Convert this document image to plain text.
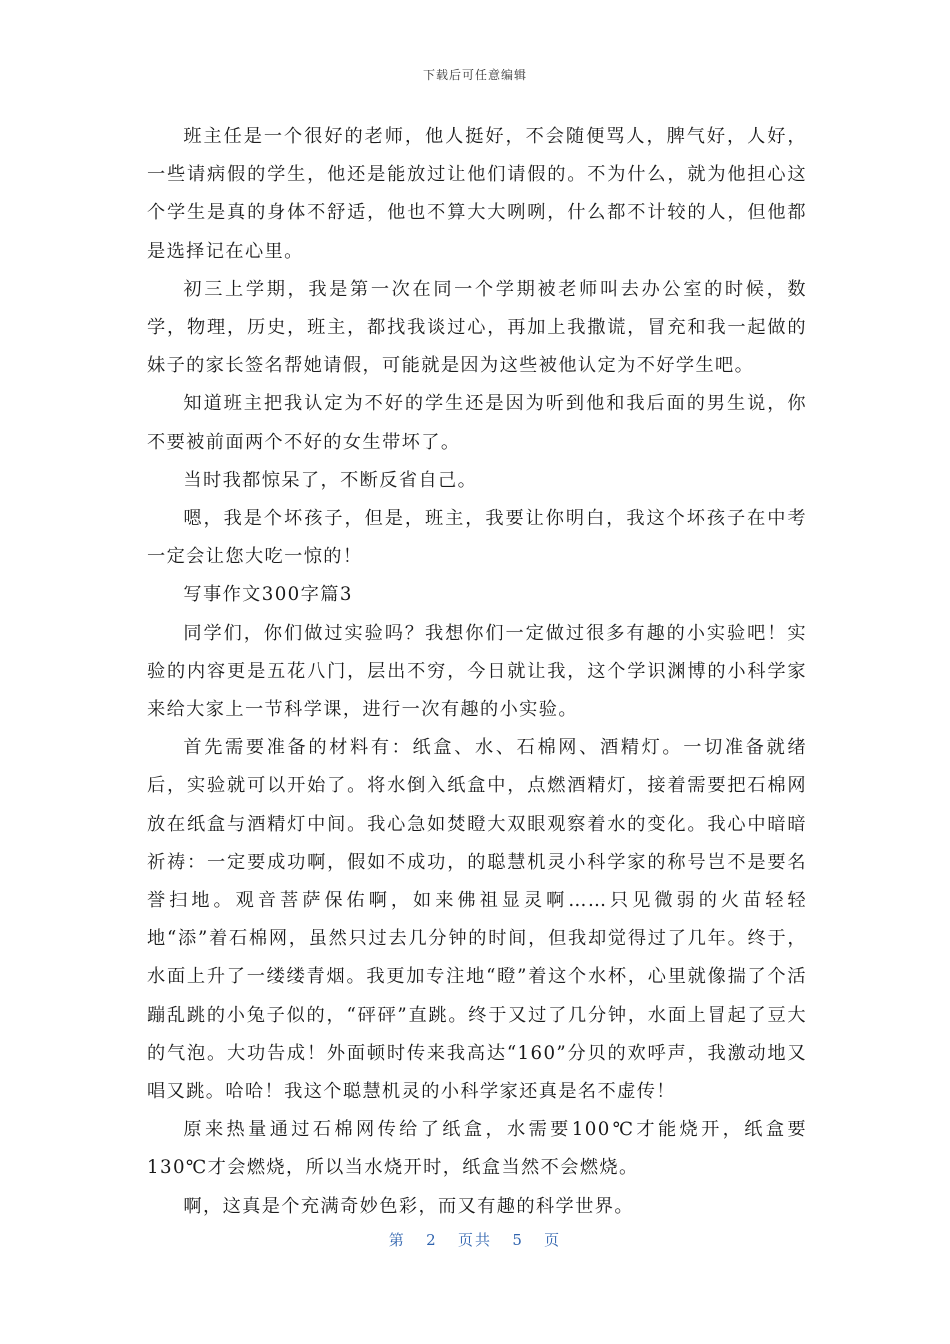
下载后可任意编辑

班主任是一个很好的老师，他人挺好，不会随便骂人，脾气好，人好，一些请病假的学生，他还是能放过让他们请假的。不为什么，就为他担心这个学生是真的身体不舒适，他也不算大大咧咧，什么都不计较的人，但他都是选择记在心里。

初三上学期，我是第一次在同一个学期被老师叫去办公室的时候，数学，物理，历史，班主，都找我谈过心，再加上我撒谎，冒充和我一起做的妹子的家长签名帮她请假，可能就是因为这些被他认定为不好学生吧。

知道班主把我认定为不好的学生还是因为听到他和我后面的男生说，你不要被前面两个不好的女生带坏了。

当时我都惊呆了，不断反省自己。

嗯，我是个坏孩子，但是，班主，我要让你明白，我这个坏孩子在中考一定会让您大吃一惊的！

写事作文300字篇3

同学们，你们做过实验吗？我想你们一定做过很多有趣的小实验吧！实验的内容更是五花八门，层出不穷，今日就让我，这个学识渊博的小科学家来给大家上一节科学课，进行一次有趣的小实验。

首先需要准备的材料有：纸盒、水、石棉网、酒精灯。一切准备就绪后，实验就可以开始了。将水倒入纸盒中，点燃酒精灯，接着需要把石棉网放在纸盒与酒精灯中间。我心急如焚瞪大双眼观察着水的变化。我心中暗暗祈祷：一定要成功啊，假如不成功，的聪慧机灵小科学家的称号岂不是要名誉扫地。观音菩萨保佑啊，如来佛祖显灵啊……只见微弱的火苗轻轻地“添”着石棉网，虽然只过去几分钟的时间，但我却觉得过了几年。终于，水面上升了一缕缕青烟。我更加专注地“瞪”着这个水杯，心里就像揣了个活蹦乱跳的小兔子似的，“砰砰”直跳。终于又过了几分钟，水面上冒起了豆大的气泡。大功告成！外面顿时传来我高达“160”分贝的欢呼声，我激动地又唱又跳。哈哈！我这个聪慧机灵的小科学家还真是名不虚传！

原来热量通过石棉网传给了纸盒，水需要100℃才能烧开，纸盒要130℃才会燃烧，所以当水烧开时，纸盒当然不会燃烧。

啊，这真是个充满奇妙色彩，而又有趣的科学世界。

第 2 页共 5 页
